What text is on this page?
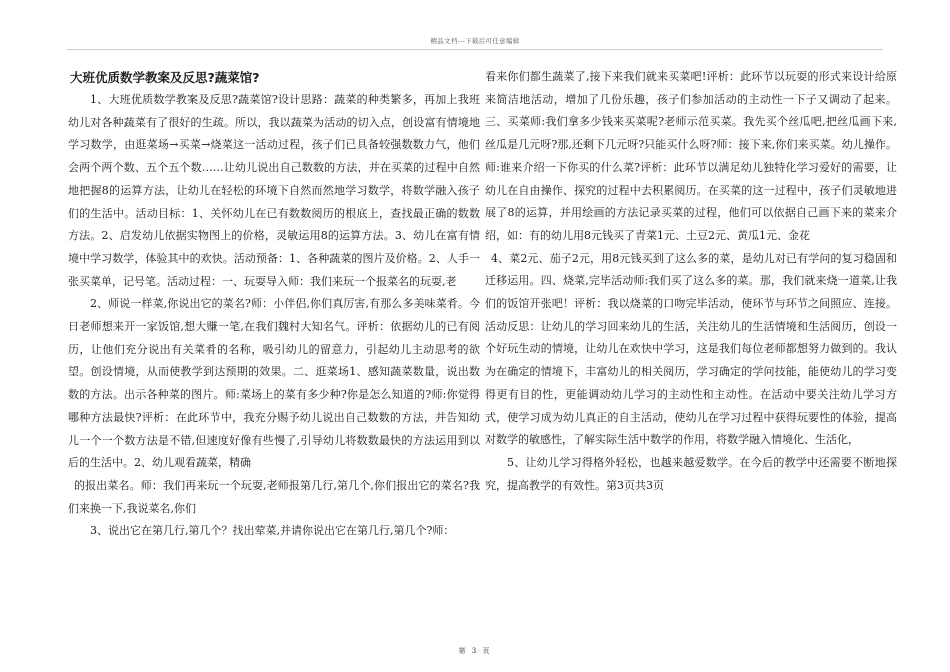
精品文档---下载后可任意编辑
大班优质数学教案及反思?蔬菜馆?

1、大班优质数学教案及反思?蔬菜馆?设计思路：蔬菜的种类繁多，再加上我班幼儿对各种蔬菜有了很好的生疏。所以，我以蔬菜为活动的切入点，创设富有情境地学习数学，由逛菜场→买菜→烧菜这一活动过程，孩子们已具备较强数数力气，他们会两个两个数、五个五个数……让幼儿说出自己数数的方法，并在买菜的过程中自然地把握8的运算方法，让幼儿在轻松的环境下自然而然地学习数学，将数学融入孩子们的生活中。活动目标：1、关怀幼儿在已有数数阅历的根底上，查找最正确的数数方法。2、启发幼儿依据实物图上的价格，灵敏运用8的运算方法。3、幼儿在富有情境中学习数学，体验其中的欢快。活动预备：1、各种蔬菜的图片及价格。2、人手一张买菜单，记号笔。活动过程：一、玩耍导入师：我们来玩一个报菜名的玩耍,老

2、师说一样菜,你说出它的菜名?师：小伴侣,你们真厉害,有那么多美味菜肴。今日老师想来开一家饭馆,想大赚一笔,在我们魏村大知名气。评析：依据幼儿的已有阅历，让他们充分说出有关菜肴的名称，吸引幼儿的留意力，引起幼儿主动思考的欲望。创设情境，从而使教学到达预期的效果。二、逛菜场1、感知蔬菜数量，说出数数的方法。出示各种菜的图片。师:菜场上的菜有多少种?你是怎么知道的?师:你觉得哪种方法最快?评析：在此环节中，我充分赐予幼儿说出自己数数的方法，并告知幼儿一个一个数方法是不错,但速度好像有些慢了,引导幼儿将数数最快的方法运用到以后的生活中。2、幼儿观看蔬菜，精确

的报出菜名。师：我们再来玩一个玩耍,老师报第几行,第几个,你们报出它的菜名?我们来换一下,我说菜名,你们

3、说出它在第几行,第几个？找出荤菜,并请你说出它在第几行,第几个?师：

看来你们都生蔬菜了,接下来我们就来买菜吧!评析：此环节以玩耍的形式来设计给原来简洁地活动，增加了几份乐趣，孩子们参加活动的主动性一下子又调动了起来。三、买菜师:我们拿多少钱来买菜呢?老师示范买菜。我先买个丝瓜吧,把丝瓜画下来,丝瓜是几元呀?那,还剩下几元呀?只能买什么呀?师：接下来,你们来买菜。幼儿操作。师:谁来介绍一下你买的什么菜?评析：此环节以满足幼儿独特化学习爱好的需要，让幼儿在自由操作、探究的过程中去积累阅历。在买菜的这一过程中，孩子们灵敏地进展了8的运算，并用绘画的方法记录买菜的过程，他们可以依据自己画下来的菜来介绍，如：有的幼儿用8元钱买了青菜1元、土豆2元、黄瓜1元、金花

4、菜2元、茄子2元，用8元钱买到了这么多的菜，是幼儿对已有学问的复习稳固和迁移运用。四、烧菜,完毕活动师:我们买了这么多的菜。那，我们就来烧一道菜,让我们的饭馆开张吧！评析：我以烧菜的口吻完毕活动，使环节与环节之间照应、连接。活动反思：让幼儿的学习回来幼儿的生活，关注幼儿的生活情境和生活阅历，创设一个好玩生动的情境，让幼儿在欢快中学习，这是我们每位老师都想努力做到的。我认为在确定的情境下，丰富幼儿的相关阅历，学习确定的学问技能，能使幼儿的学习变得更有目的性，更能调动幼儿学习的主动性和主动性。在活动中要关注幼儿学习方式，使学习成为幼儿真正的自主活动，使幼儿在学习过程中获得玩要性的体验，提高对数学的敏感性，了解实际生活中数学的作用，将数学融入情境化、生活化，

5、让幼儿学习得格外轻松，也越来越爱数学。在今后的教学中还需要不断地探究，提高教学的有效性。第3页共3页

第 3 页
